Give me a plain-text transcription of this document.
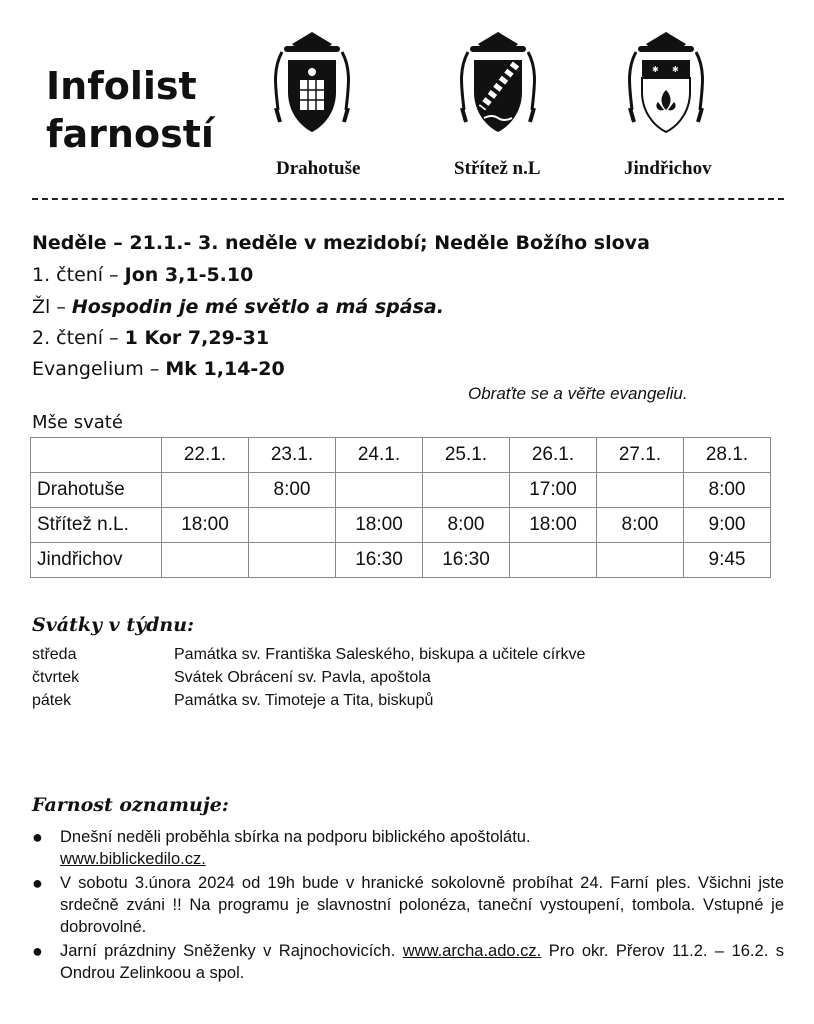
Infolist
farností
✱ ✱
Drahotuše	Střítež n.L	Jindřichov
Neděle – 21.1.- 3. neděle v mezidobí; Neděle Božího slova
1. čtení – Jon 3,1-5.10
Žl – Hospodin je mé světlo a má spása.
2. čtení – 1 Kor 7,29-31
Evangelium – Mk 1,14-20
Obraťte se a věřte evangeliu.
Mše svaté
	22.1.	23.1.	24.1.	25.1.	26.1.	27.1.	28.1.
Drahotuše		8:00			17:00		8:00
Střítež n.L.	18:00		18:00	8:00	18:00	8:00	9:00
Jindřichov			16:30	16:30			9:45
Svátky v týdnu:
středa	Památka sv. Františka Saleského, biskupa a učitele církve
čtvrtek	Svátek Obrácení sv. Pavla, apoštola
pátek	Památka sv. Timoteje a Tita, biskupů
Farnost oznamuje:
● Dnešní neděli proběhla sbírka na podporu biblického apoštolátu.
www.biblickedilo.cz.
● V sobotu 3.února 2024 od 19h bude v hranické sokolovně probíhat 24. Farní ples. Všichni jste srdečně zváni !! Na programu je slavnostní polonéza, taneční vystoupení, tombola. Vstupné je dobrovolné.
● Jarní prázdniny Sněženky v Rajnochovicích. www.archa.ado.cz. Pro okr. Přerov 11.2. – 16.2. s Ondrou Zelinkoou a spol.
